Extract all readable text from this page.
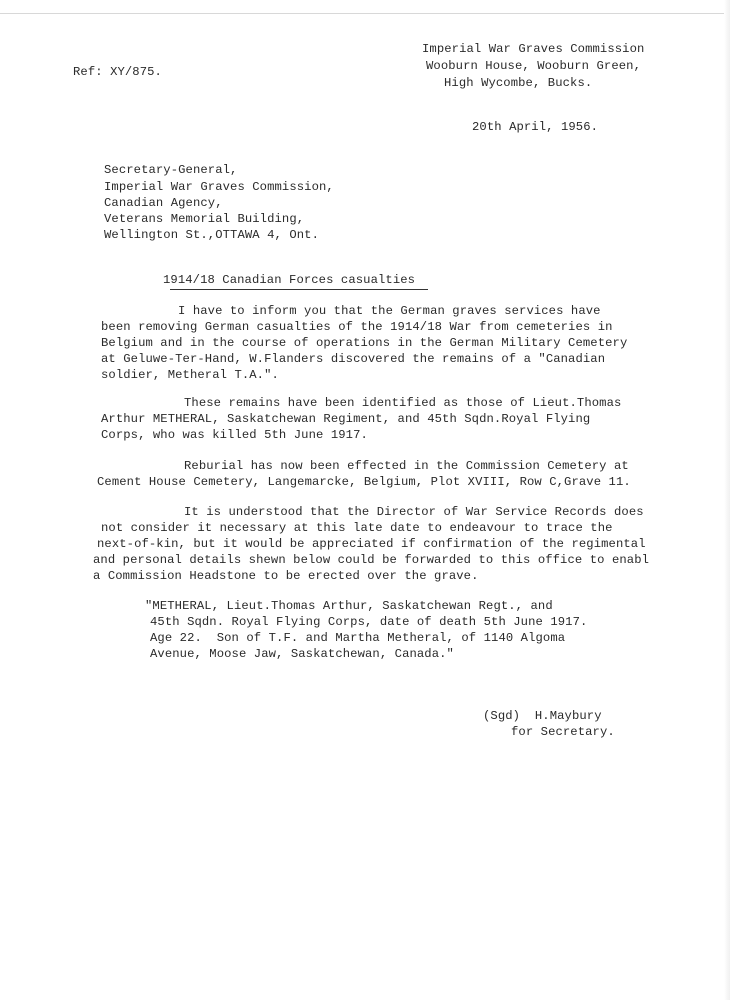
Imperial War Graves Commission
Wooburn House, Wooburn Green,
High Wycombe, Bucks.
Ref: XY/875.
20th April, 1956.
Secretary-General,
Imperial War Graves Commission,
Canadian Agency,
Veterans Memorial Building,
Wellington St.,OTTAWA 4, Ont.
1914/18 Canadian Forces casualties
I have to inform you that the German graves services have
been removing German casualties of the 1914/18 War from cemeteries in
Belgium and in the course of operations in the German Military Cemetery
at Geluwe-Ter-Hand, W.Flanders discovered the remains of a "Canadian
soldier, Metheral T.A.".
These remains have been identified as those of Lieut.Thomas
Arthur METHERAL, Saskatchewan Regiment, and 45th Sqdn.Royal Flying
Corps, who was killed 5th June 1917.
Reburial has now been effected in the Commission Cemetery at
Cement House Cemetery, Langemarcke, Belgium, Plot XVIII, Row C,Grave 11.
It is understood that the Director of War Service Records does
not consider it necessary at this late date to endeavour to trace the
next-of-kin, but it would be appreciated if confirmation of the regimental
and personal details shewn below could be forwarded to this office to enabl
a Commission Headstone to be erected over the grave.
"METHERAL, Lieut.Thomas Arthur, Saskatchewan Regt., and
45th Sqdn. Royal Flying Corps, date of death 5th June 1917.
Age 22.  Son of T.F. and Martha Metheral, of 1140 Algoma
Avenue, Moose Jaw, Saskatchewan, Canada."
(Sgd)  H.Maybury
for Secretary.
